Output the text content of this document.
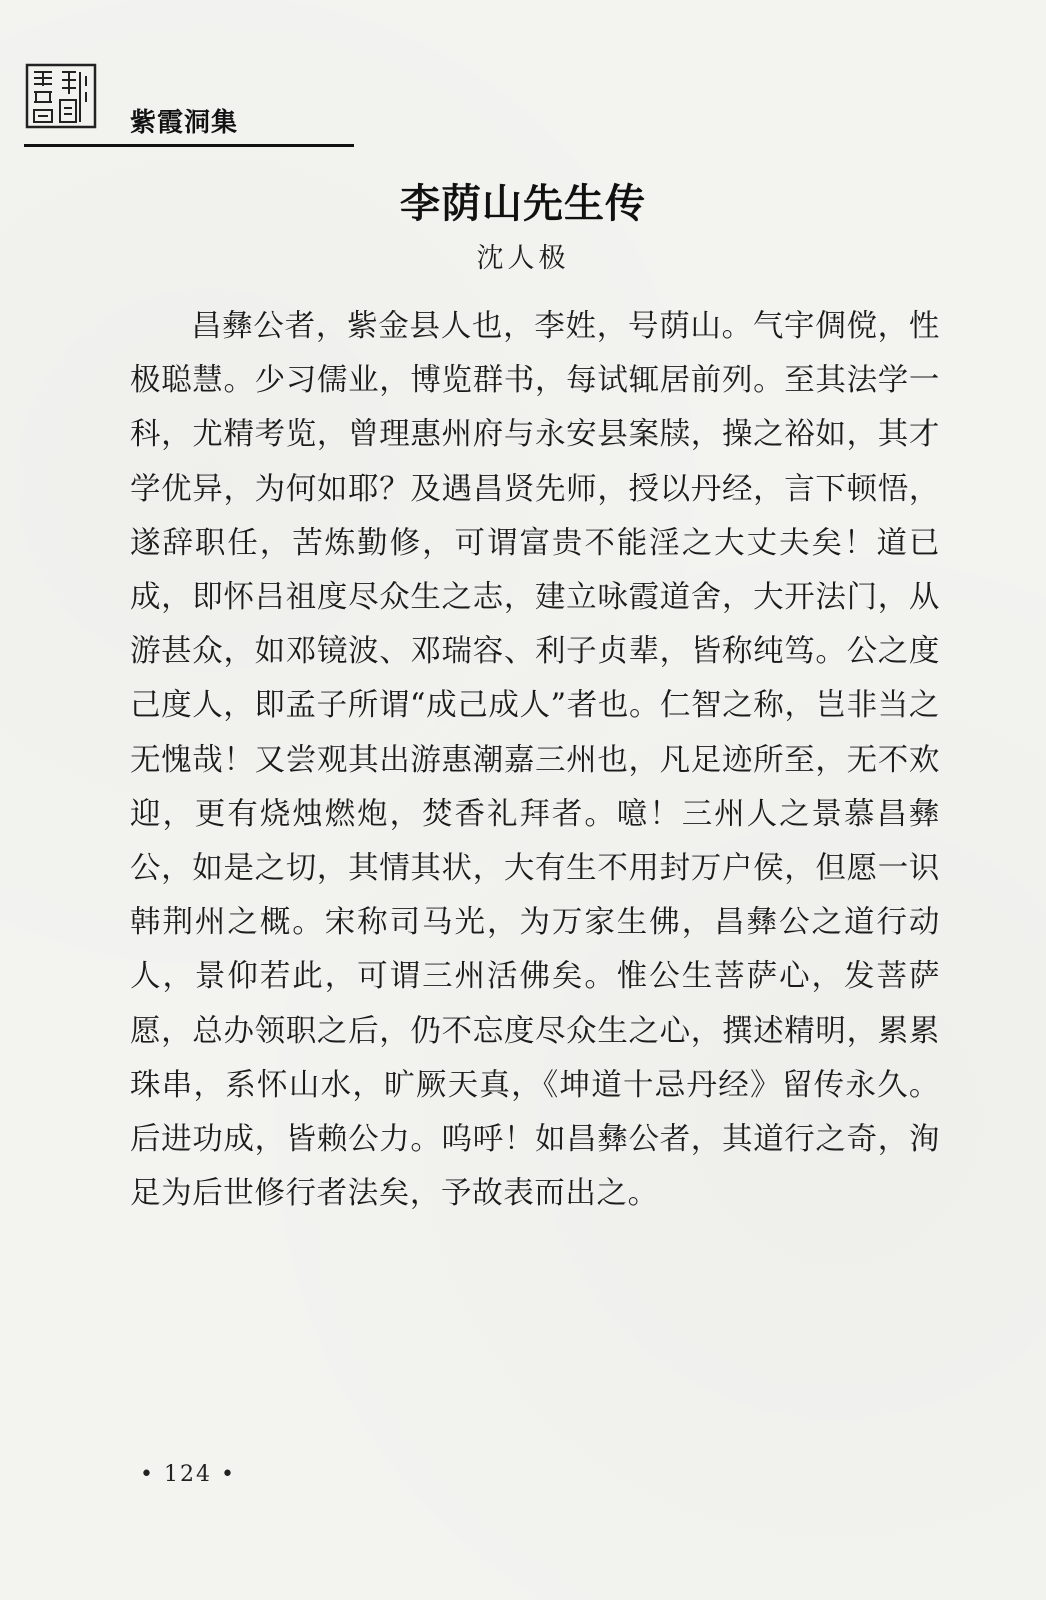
紫霞洞集
李荫山先生传
沈人极

昌彝公者，紫金县人也，李姓，号荫山。气宇倜傥，性极聪慧。少习儒业，博览群书，每试辄居前列。至其法学一科，尤精考览，曾理惠州府与永安县案牍，操之裕如，其才学优异，为何如耶？及遇昌贤先师，授以丹经，言下顿悟，遂辞职任，苦炼勤修，可谓富贵不能淫之大丈夫矣！道已成，即怀吕祖度尽众生之志，建立咏霞道舍，大开法门，从游甚众，如邓镜波、邓瑞容、利子贞辈，皆称纯笃。公之度己度人，即孟子所谓“成己成人”者也。仁智之称，岂非当之无愧哉！又尝观其出游惠潮嘉三州也，凡足迹所至，无不欢迎，更有烧烛燃炮，焚香礼拜者。噫！三州人之景慕昌彝公，如是之切，其情其状，大有生不用封万户侯，但愿一识韩荆州之概。宋称司马光，为万家生佛，昌彝公之道行动人，景仰若此，可谓三州活佛矣。惟公生菩萨心，发菩萨愿，总办领职之后，仍不忘度尽众生之心，撰述精明，累累珠串，系怀山水，旷厥天真，《坤道十忌丹经》留传永久。后进功成，皆赖公力。呜呼！如昌彝公者，其道行之奇，洵足为后世修行者法矣，予故表而出之。

• 124 •
